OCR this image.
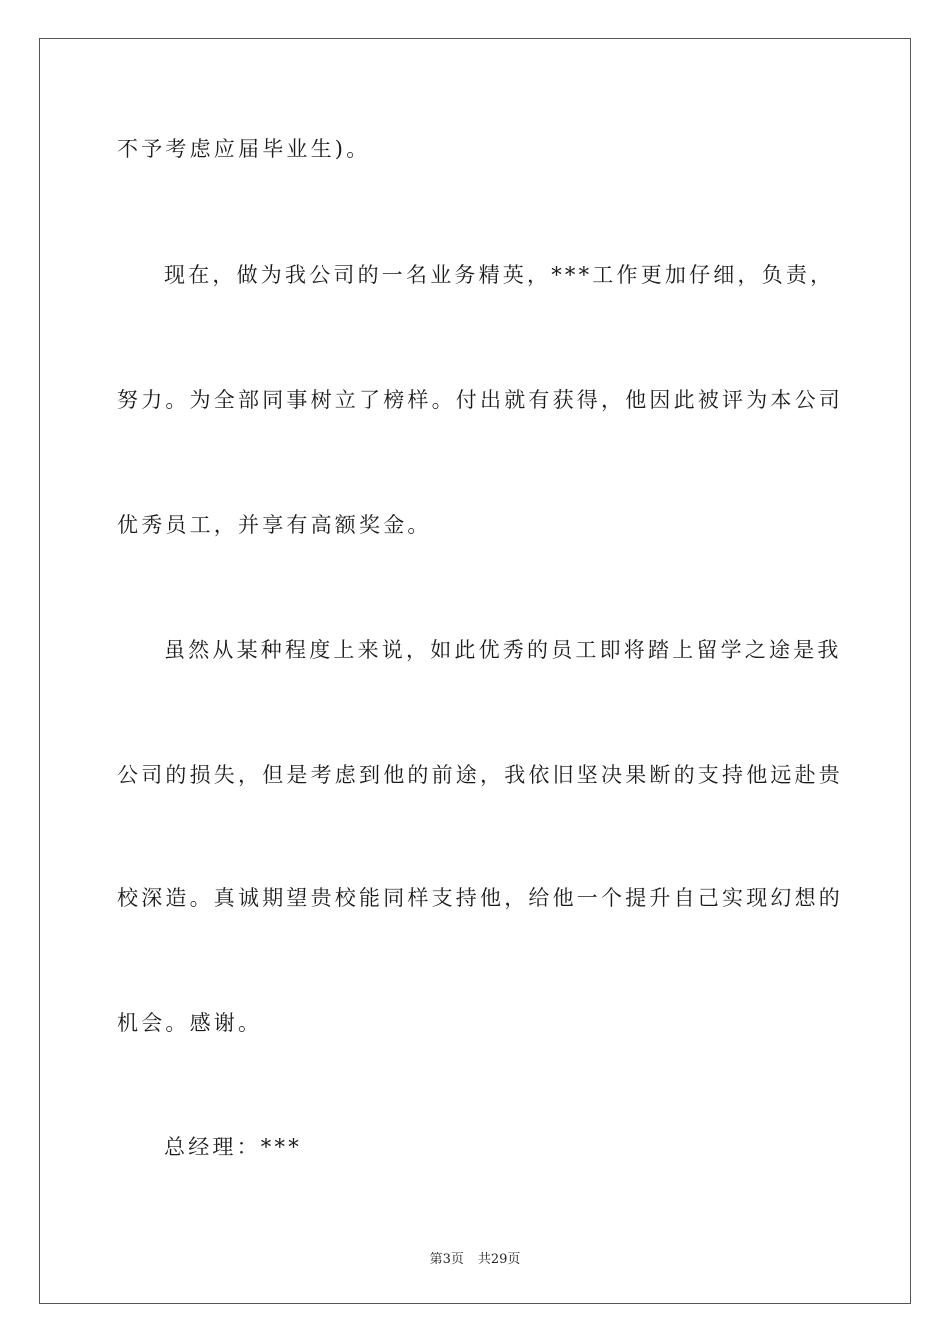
不予考虑应届毕业生)。
现在，做为我公司的一名业务精英，***工作更加仔细，负责，
努力。为全部同事树立了榜样。付出就有获得，他因此被评为本公司
优秀员工，并享有高额奖金。
虽然从某种程度上来说，如此优秀的员工即将踏上留学之途是我
公司的损失，但是考虑到他的前途，我依旧坚决果断的支持他远赴贵
校深造。真诚期望贵校能同样支持他，给他一个提升自己实现幻想的
机会。感谢。
总经理：***
第3页 共29页
